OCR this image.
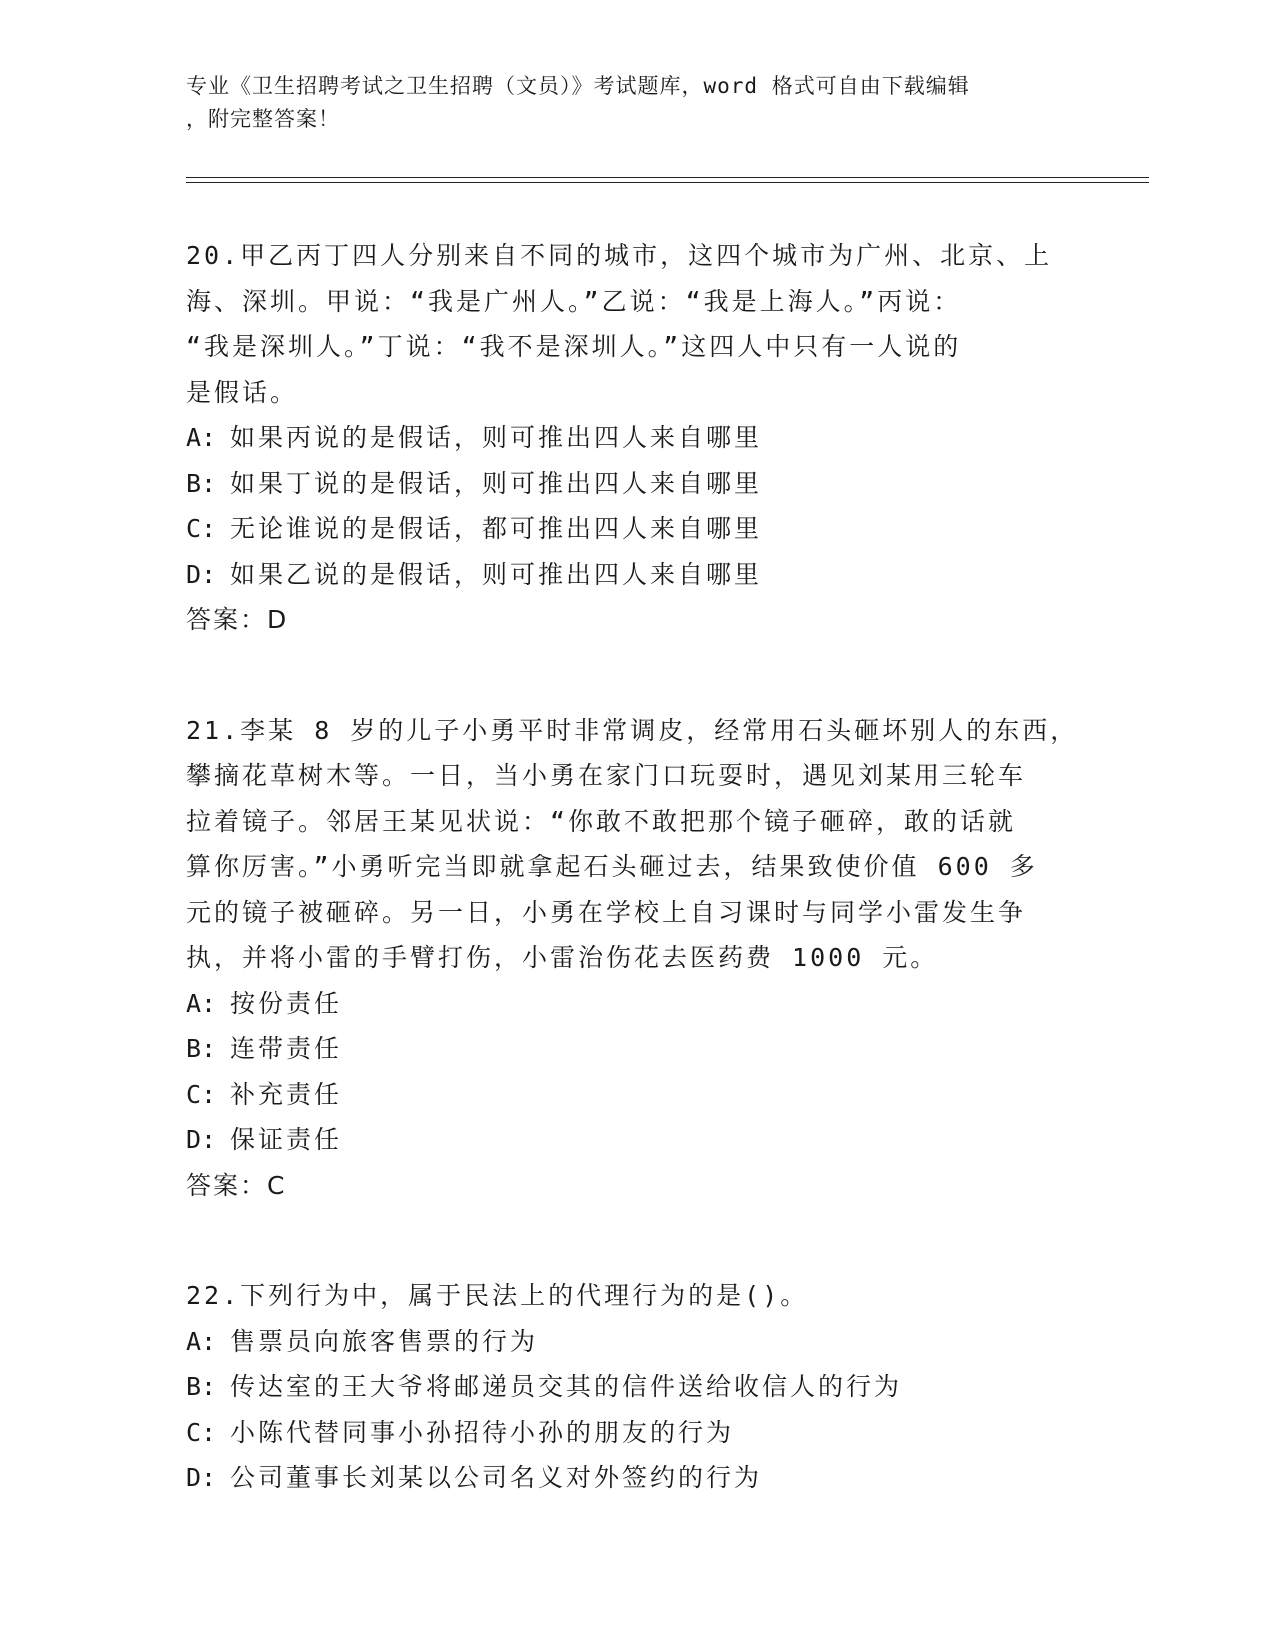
专业《卫生招聘考试之卫生招聘（文员）》考试题库，word 格式可自由下载编辑
，附完整答案！
20.甲乙丙丁四人分别来自不同的城市，这四个城市为广州、北京、上
海、深圳。甲说：“我是广州人。”乙说：“我是上海人。”丙说：
“我是深圳人。”丁说：“我不是深圳人。”这四人中只有一人说的
是假话。
A: 如果丙说的是假话，则可推出四人来自哪里
B: 如果丁说的是假话，则可推出四人来自哪里
C: 无论谁说的是假话，都可推出四人来自哪里
D: 如果乙说的是假话，则可推出四人来自哪里
答案：D
21.李某 8 岁的儿子小勇平时非常调皮，经常用石头砸坏别人的东西，
攀摘花草树木等。一日，当小勇在家门口玩耍时，遇见刘某用三轮车
拉着镜子。邻居王某见状说：“你敢不敢把那个镜子砸碎，敢的话就
算你厉害。”小勇听完当即就拿起石头砸过去，结果致使价值 600 多
元的镜子被砸碎。另一日，小勇在学校上自习课时与同学小雷发生争
执，并将小雷的手臂打伤，小雷治伤花去医药费 1000 元。
A: 按份责任
B: 连带责任
C: 补充责任
D: 保证责任
答案：C
22.下列行为中，属于民法上的代理行为的是()。
A: 售票员向旅客售票的行为
B: 传达室的王大爷将邮递员交其的信件送给收信人的行为
C: 小陈代替同事小孙招待小孙的朋友的行为
D: 公司董事长刘某以公司名义对外签约的行为
